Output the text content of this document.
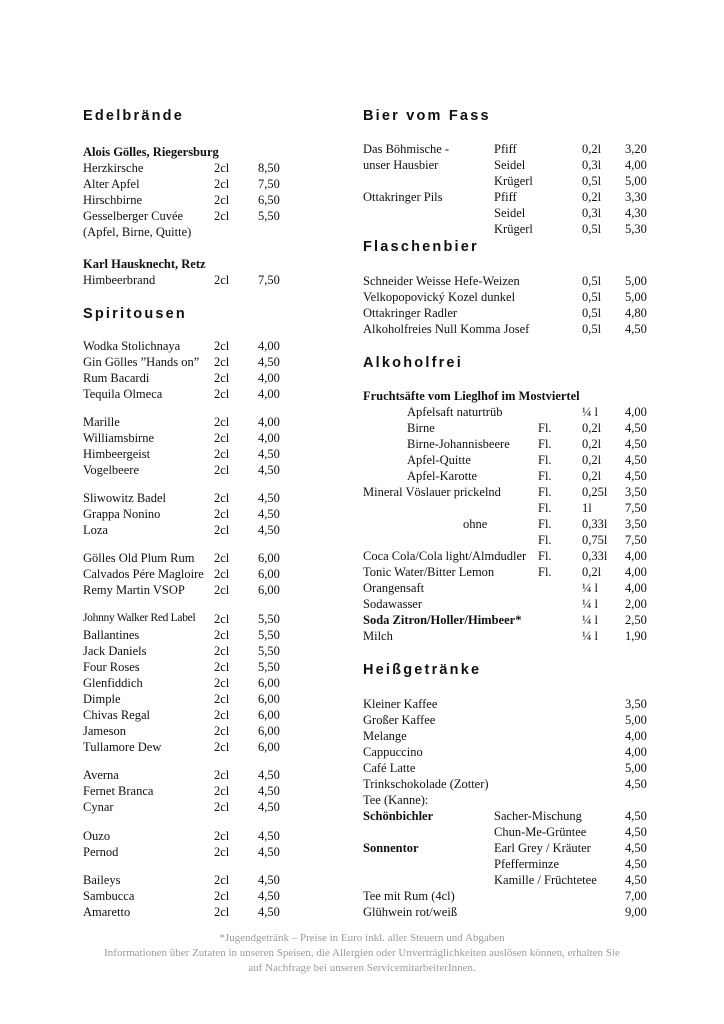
Edelbrände
Alois Gölles, Riegersburg
Herzkirsche	2cl 8,50
Alter Apfel	2cl 7,50
Hirschbirne	2cl 6,50
Gesselberger Cuvée 2cl 5,50
(Apfel, Birne, Quitte)
Karl Hausknecht, Retz
Himbeerbrand	2cl 7,50
Spiritousen
Wodka Stolichnaya	2cl 4,00
Gin Gölles ”Hands on” 2cl 4,50
Rum Bacardi	2cl 4,00
Tequila Olmeca	2cl 4,00
Marille	2cl 4,00
Williamsbirne	2cl 4,00
Himbeergeist	2cl 4,50
Vogelbeere	2cl 4,50
Sliwowitz Badel	2cl 4,50
Grappa Nonino	2cl 4,50
Loza	2cl 4,50
Gölles Old Plum Rum 2cl 6,00
Calvados Pére Magloire 2cl 6,00
Remy Martin VSOP 2cl 6,00
Johnny Walker Red Label 2cl 5,50
Ballantines	2cl 5,50
Jack Daniels	2cl 5,50
Four Roses	2cl 5,50
Glenfiddich	2cl 6,00
Dimple	2cl 6,00
Chivas Regal	2cl 6,00
Jameson	2cl 6,00
Tullamore Dew	2cl 6,00
Averna	2cl 4,50
Fernet Branca	2cl 4,50
Cynar	2cl 4,50
Ouzo	2cl 4,50
Pernod	2cl 4,50
Baileys	2cl 4,50
Sambucca	2cl 4,50
Amaretto	2cl 4,50
Bier vom Fass
Das Böhmische -	Pfiff	0,2l 3,20
unser Hausbier	Seidel	0,3l 4,00
Krügerl	0,5l 5,00
Ottakringer Pils	Pfiff	0,2l 3,30
Seidel	0,3l 4,30
Krügerl	0,5l 5,30
Flaschenbier
Schneider Weisse Hefe-Weizen	0,5l 5,00
Velkopopovický Kozel dunkel	0,5l 5,00
Ottakringer Radler	0,5l 4,80
Alkoholfreies Null Komma Josef	0,5l 4,50
Alkoholfrei
Fruchtsäfte vom Lieglhof im Mostviertel
Apfelsaft naturtrüb	¼ l 4,00
Birne	Fl. 0,2l 4,50
Birne-Johannisbeere Fl. 0,2l 4,50
Apfel-Quitte	Fl. 0,2l 4,50
Apfel-Karotte	Fl. 0,2l 4,50
Mineral Vöslauer prickelnd	Fl. 0,25l 3,50
Fl. 1l	7,50
ohne	Fl. 0,33l 3,50
Fl. 0,75l 7,50
Coca Cola/Cola light/Almdudler Fl. 0,33l 4,00
Tonic Water/Bitter Lemon	Fl. 0,2l 4,00
Orangensaft	¼ l 4,00
Sodawasser	¼ l 2,00
Soda Zitron/Holler/Himbeer*	¼ l 2,50
Milch	¼ l 1,90
Heißgetränke
Kleiner Kaffee	3,50
Großer Kaffee	5,00
Melange	4,00
Cappuccino	4,00
Café Latte	5,00
Trinkschokolade (Zotter)	4,50
Tee (Kanne):
Schönbichler	Sacher-Mischung	4,50
Chun-Me-Grüntee	4,50
Sonnentor	Earl Grey / Kräuter	4,50
Pfefferminze	4,50
Kamille / Früchtetee 4,50
Tee mit Rum (4cl)	7,00
Glühwein rot/weiß	9,00
*Jugendgetränk – Preise in Euro inkl. aller Steuern und Abgaben
Informationen über Zutaten in unseren Speisen, die Allergien oder Unverträglichkeiten auslösen können, erhalten Sie
auf Nachfrage bei unseren ServicemitarbeiterInnen.
